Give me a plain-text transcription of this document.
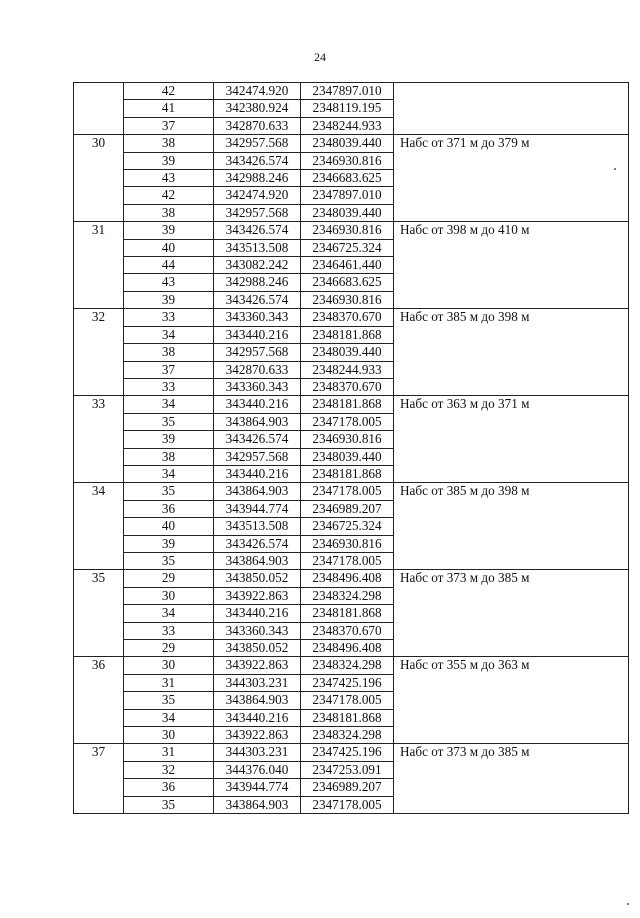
24
	42	342474.920	2347897.010	
	41	342380.924	2348119.195	
	37	342870.633	2348244.933	
30	38	342957.568	2348039.440	Набс от 371 м до 379 м
	39	343426.574	2346930.816	
	43	342988.246	2346683.625	
	42	342474.920	2347897.010	
	38	342957.568	2348039.440	
31	39	343426.574	2346930.816	Набс от 398 м до 410 м
	40	343513.508	2346725.324	
	44	343082.242	2346461.440	
	43	342988.246	2346683.625	
	39	343426.574	2346930.816	
32	33	343360.343	2348370.670	Набс от 385 м до 398 м
	34	343440.216	2348181.868	
	38	342957.568	2348039.440	
	37	342870.633	2348244.933	
	33	343360.343	2348370.670	
33	34	343440.216	2348181.868	Набс от 363 м до 371 м
	35	343864.903	2347178.005	
	39	343426.574	2346930.816	
	38	342957.568	2348039.440	
	34	343440.216	2348181.868	
34	35	343864.903	2347178.005	Набс от 385 м до 398 м
	36	343944.774	2346989.207	
	40	343513.508	2346725.324	
	39	343426.574	2346930.816	
	35	343864.903	2347178.005	
35	29	343850.052	2348496.408	Набс от 373 м до 385 м
	30	343922.863	2348324.298	
	34	343440.216	2348181.868	
	33	343360.343	2348370.670	
	29	343850.052	2348496.408	
36	30	343922.863	2348324.298	Набс от 355 м до 363 м
	31	344303.231	2347425.196	
	35	343864.903	2347178.005	
	34	343440.216	2348181.868	
	30	343922.863	2348324.298	
37	31	344303.231	2347425.196	Набс от 373 м до 385 м
	32	344376.040	2347253.091	
	36	343944.774	2346989.207	
	35	343864.903	2347178.005	
